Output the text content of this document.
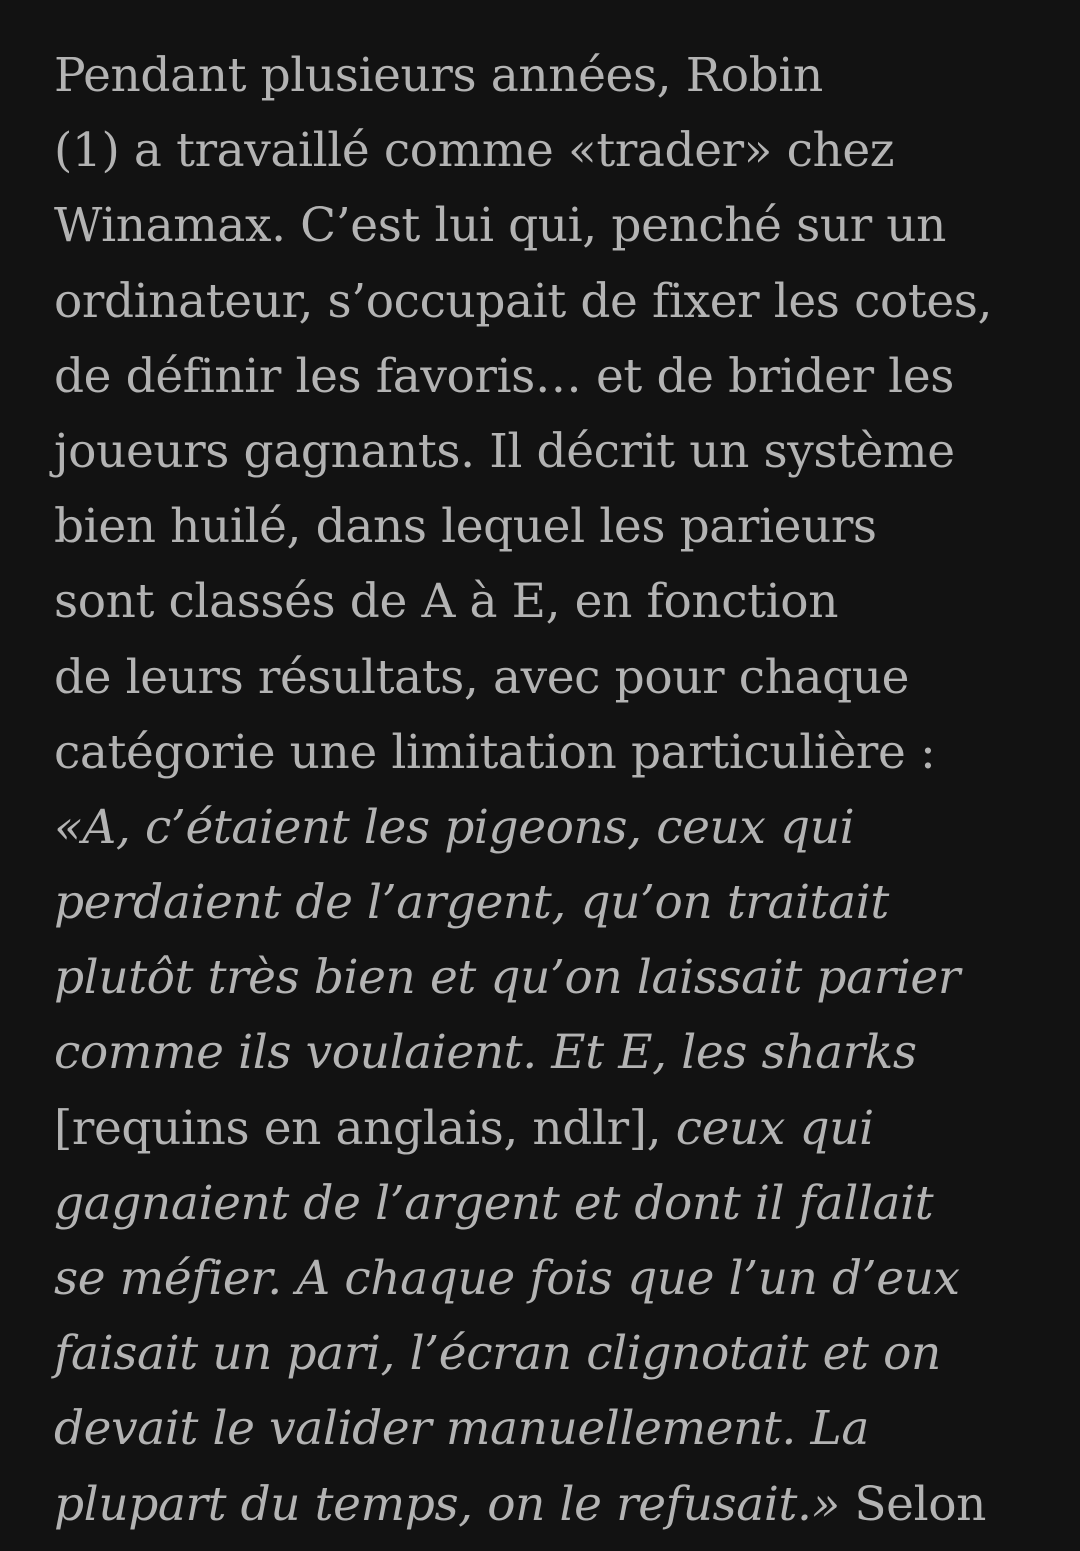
Pendant plusieurs années, Robin
(1) a travaillé comme «trader» chez
Winamax. C’est lui qui, penché sur un
ordinateur, s’occupait de fixer les cotes,
de définir les favoris… et de brider les
joueurs gagnants. Il décrit un système
bien huilé, dans lequel les parieurs
sont classés de A à E, en fonction
de leurs résultats, avec pour chaque
catégorie une limitation particulière :
«A, c’étaient les pigeons, ceux qui
perdaient de l’argent, qu’on traitait
plutôt très bien et qu’on laissait parier
comme ils voulaient. Et E, les sharks
[requins en anglais, ndlr], ceux qui
gagnaient de l’argent et dont il fallait
se méfier. A chaque fois que l’un d’eux
faisait un pari, l’écran clignotait et on
devait le valider manuellement. La
plupart du temps, on le refusait.» Selon
